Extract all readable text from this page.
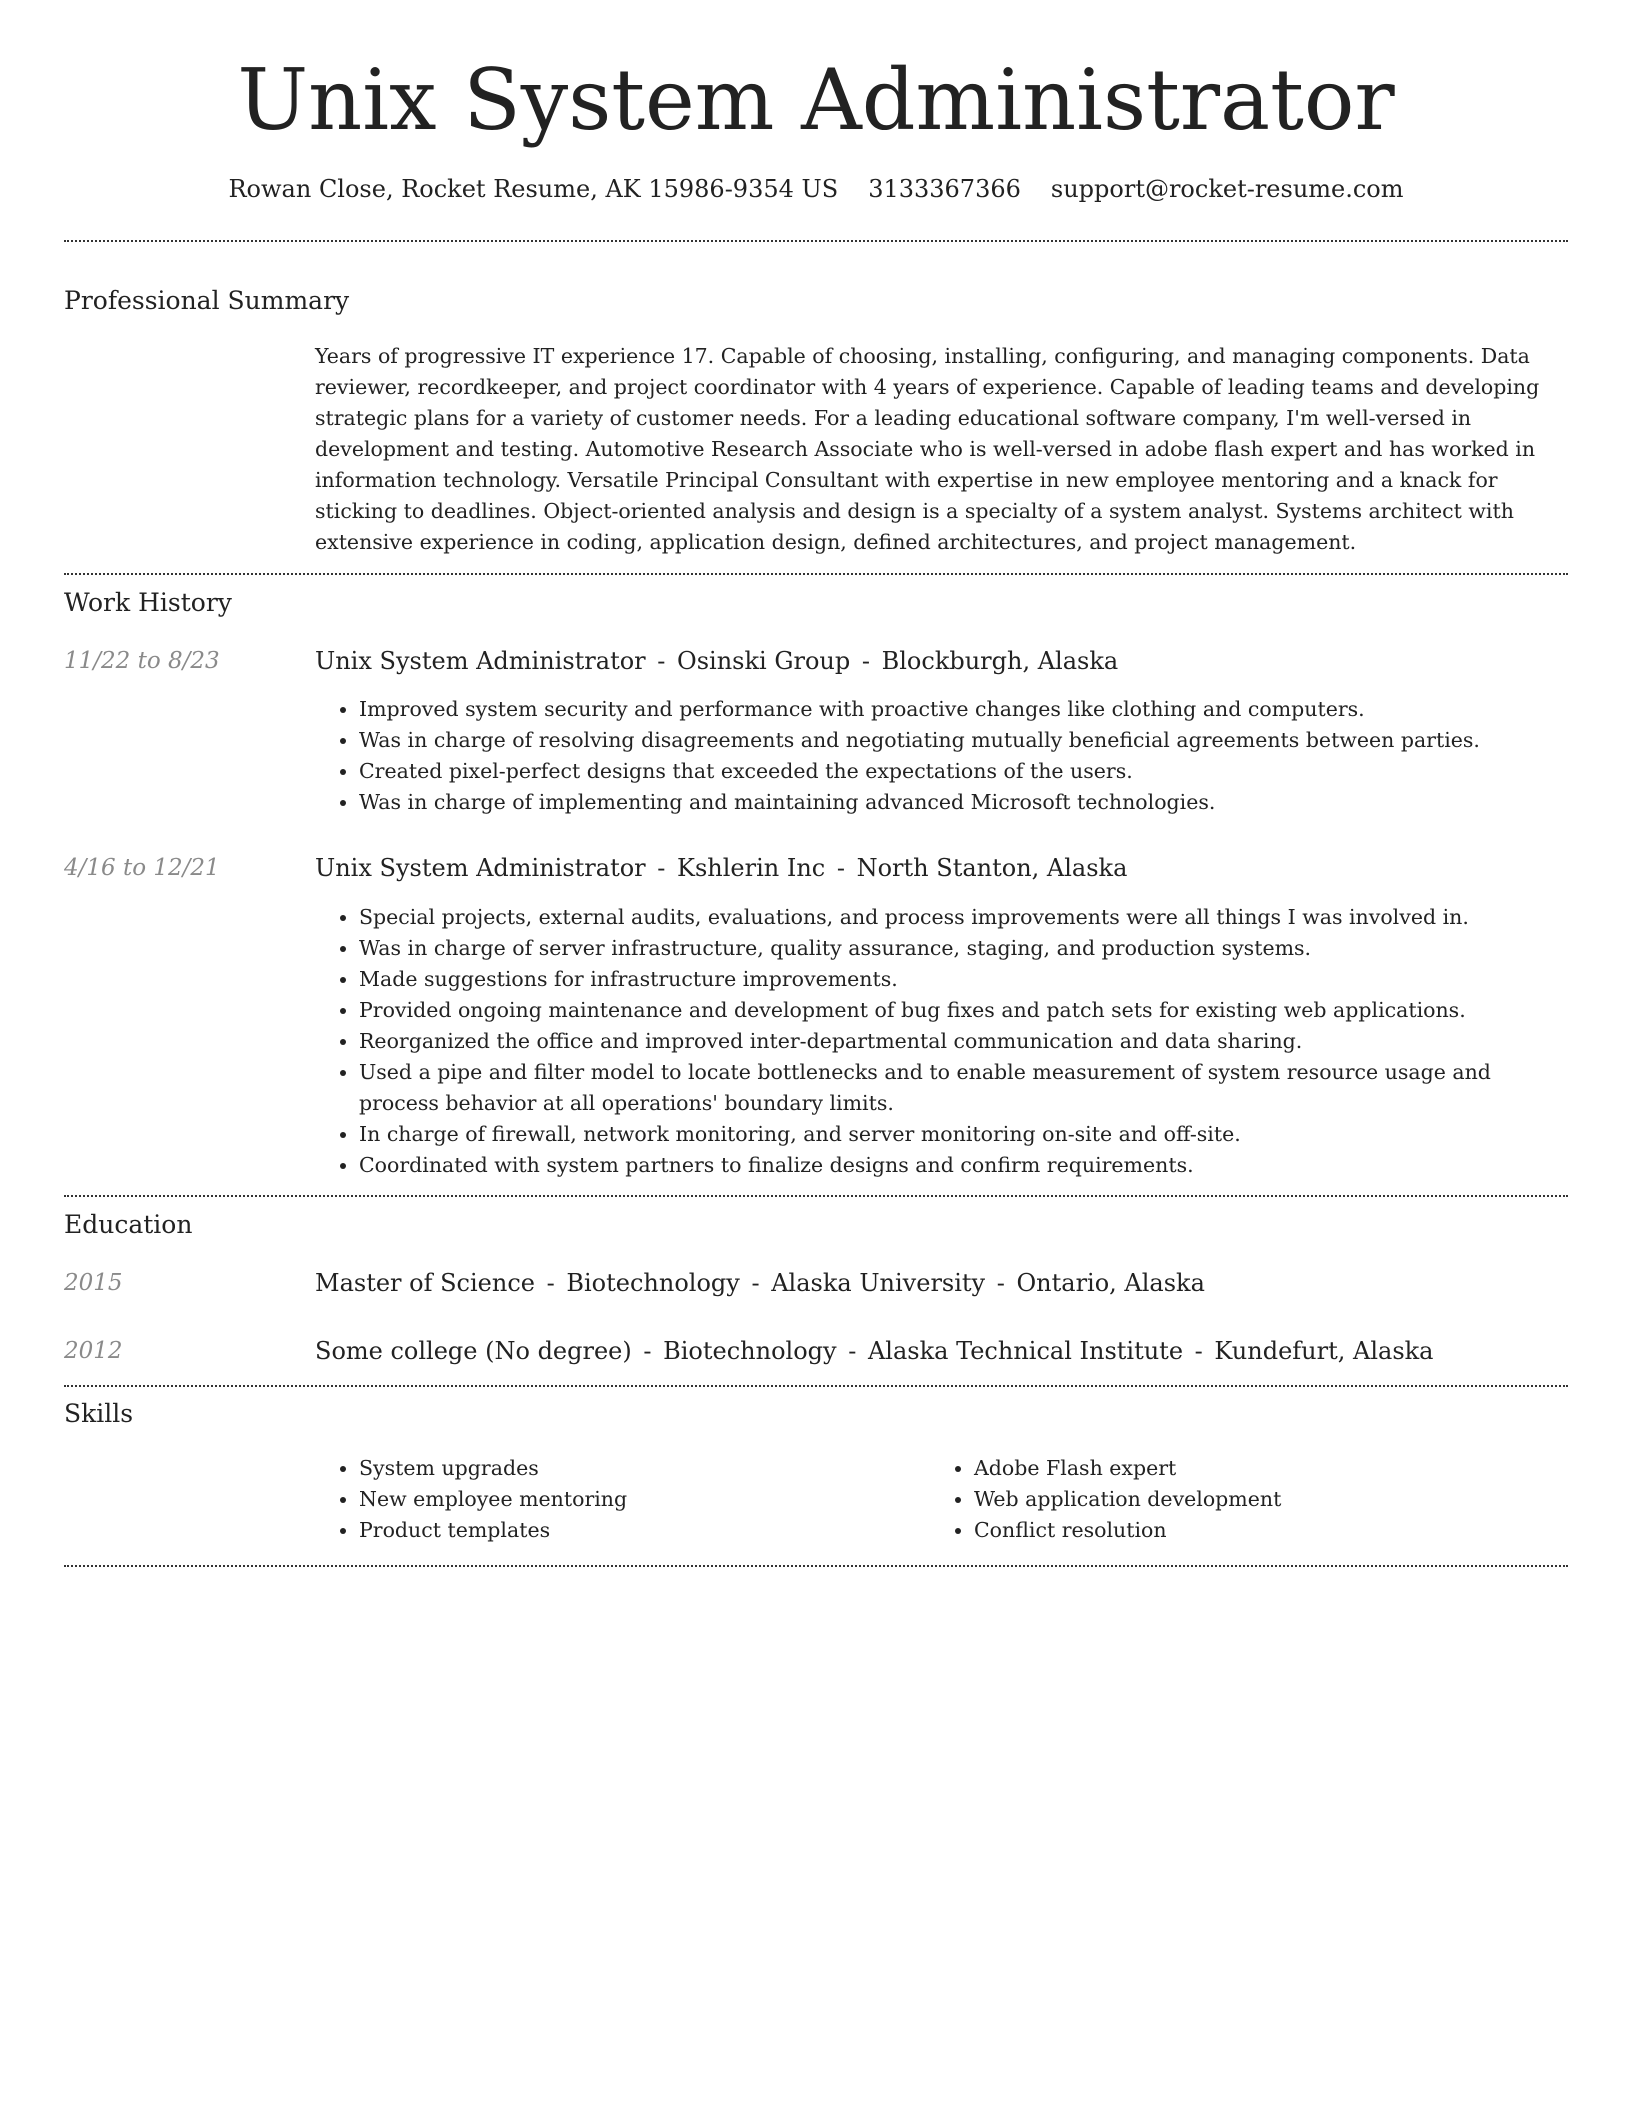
Unix System Administrator
Rowan Close, Rocket Resume, AK 15986-9354 US 3133367366 support@rocket-resume.com
Professional Summary
Years of progressive IT experience 17. Capable of choosing, installing, configuring, and managing components. Data reviewer, recordkeeper, and project coordinator with 4 years of experience. Capable of leading teams and developing strategic plans for a variety of customer needs. For a leading educational software company, I'm well-versed in development and testing. Automotive Research Associate who is well-versed in adobe flash expert and has worked in information technology. Versatile Principal Consultant with expertise in new employee mentoring and a knack for sticking to deadlines. Object-oriented analysis and design is a specialty of a system analyst. Systems architect with extensive experience in coding, application design, defined architectures, and project management.
Work History
11/22 to 8/23	Unix System Administrator - Osinski Group - Blockburgh, Alaska
• Improved system security and performance with proactive changes like clothing and computers.
• Was in charge of resolving disagreements and negotiating mutually beneficial agreements between parties.
• Created pixel-perfect designs that exceeded the expectations of the users.
• Was in charge of implementing and maintaining advanced Microsoft technologies.
4/16 to 12/21	Unix System Administrator - Kshlerin Inc - North Stanton, Alaska
• Special projects, external audits, evaluations, and process improvements were all things I was involved in.
• Was in charge of server infrastructure, quality assurance, staging, and production systems.
• Made suggestions for infrastructure improvements.
• Provided ongoing maintenance and development of bug fixes and patch sets for existing web applications.
• Reorganized the office and improved inter-departmental communication and data sharing.
• Used a pipe and filter model to locate bottlenecks and to enable measurement of system resource usage and process behavior at all operations' boundary limits.
• In charge of firewall, network monitoring, and server monitoring on-site and off-site.
• Coordinated with system partners to finalize designs and confirm requirements.
Education
2015	Master of Science - Biotechnology - Alaska University - Ontario, Alaska
2012	Some college (No degree) - Biotechnology - Alaska Technical Institute - Kundefurt, Alaska
Skills
• System upgrades
• New employee mentoring
• Product templates
• Adobe Flash expert
• Web application development
• Conflict resolution
